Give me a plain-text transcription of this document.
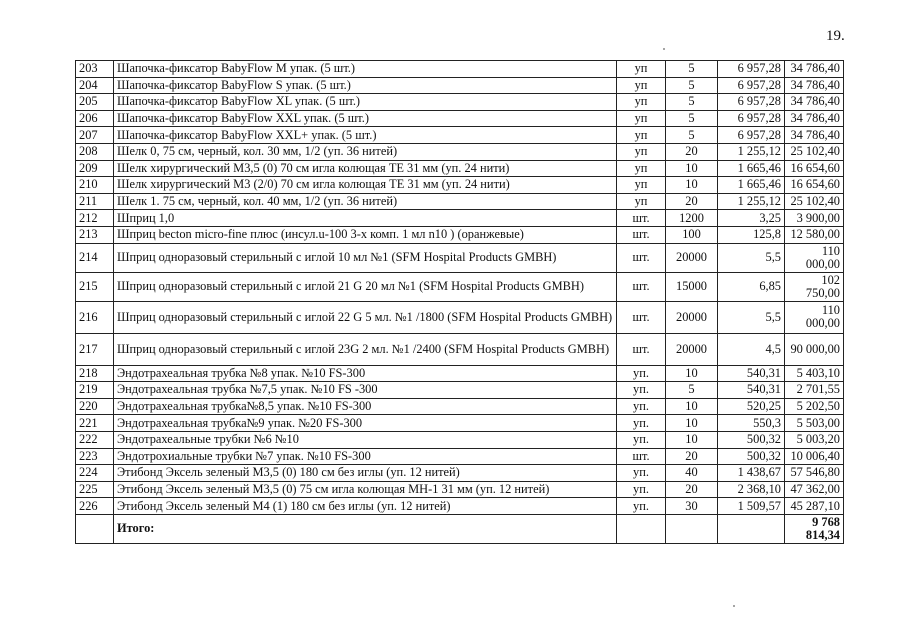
19.
203	Шапочка-фиксатор BabyFlow M упак. (5 шт.)	уп	5	6 957,28	34 786,40
204	Шапочка-фиксатор BabyFlow S упак. (5 шт.)	уп	5	6 957,28	34 786,40
205	Шапочка-фиксатор BabyFlow XL упак. (5 шт.)	уп	5	6 957,28	34 786,40
206	Шапочка-фиксатор BabyFlow XXL упак. (5 шт.)	уп	5	6 957,28	34 786,40
207	Шапочка-фиксатор BabyFlow XXL+ упак. (5 шт.)	уп	5	6 957,28	34 786,40
208	Шелк 0, 75 см, черный, кол. 30 мм, 1/2 (уп. 36 нитей)	уп	20	1 255,12	25 102,40
209	Шелк хирургический М3,5 (0) 70 см игла колющая TE 31 мм (уп. 24 нити)	уп	10	1 665,46	16 654,60
210	Шелк хирургический М3 (2/0) 70 см игла колющая TE 31 мм (уп. 24 нити)	уп	10	1 665,46	16 654,60
211	Шелк 1. 75 см, черный, кол. 40 мм, 1/2 (уп. 36 нитей)	уп	20	1 255,12	25 102,40
212	Шприц 1,0	шт.	1200	3,25	3 900,00
213	Шприц becton micro-fine плюс (инсул.u-100 3-х комп. 1 мл n10 ) (оранжевые)	шт.	100	125,8	12 580,00
214	Шприц одноразовый стерильный с иглой 10 мл №1 (SFM Hospital Products GMBH)	шт.	20000	5,5	110 000,00
215	Шприц одноразовый стерильный с иглой 21 G 20 мл №1 (SFM Hospital Products GMBH)	шт.	15000	6,85	102 750,00
216	Шприц одноразовый стерильный с иглой 22 G 5 мл. №1 /1800 (SFM Hospital Products GMBH)	шт.	20000	5,5	110 000,00
217	Шприц одноразовый стерильный с иглой 23G 2 мл. №1 /2400 (SFM Hospital Products GMBH)	шт.	20000	4,5	90 000,00
218	Эндотрахеальная трубка №8 упак. №10 FS-300	уп.	10	540,31	5 403,10
219	Эндотрахеальная трубка №7,5 упак. №10 FS -300	уп.	5	540,31	2 701,55
220	Эндотрахеальная трубка№8,5 упак. №10 FS-300	уп.	10	520,25	5 202,50
221	Эндотрахеальная трубка№9 упак. №20 FS-300	уп.	10	550,3	5 503,00
222	Эндотрахеальные трубки №6 №10	уп.	10	500,32	5 003,20
223	Эндотрохиальные трубки №7 упак. №10 FS-300	шт.	20	500,32	10 006,40
224	Этибонд Эксель зеленый М3,5 (0) 180 см без иглы (уп. 12 нитей)	уп.	40	1 438,67	57 546,80
225	Этибонд Эксель зеленый М3,5 (0) 75 см игла колющая МН-1 31 мм (уп. 12 нитей)	уп.	20	2 368,10	47 362,00
226	Этибонд Эксель зеленый М4 (1) 180 см без иглы (уп. 12 нитей)	уп.	30	1 509,57	45 287,10
	Итого:				9 768 814,34
